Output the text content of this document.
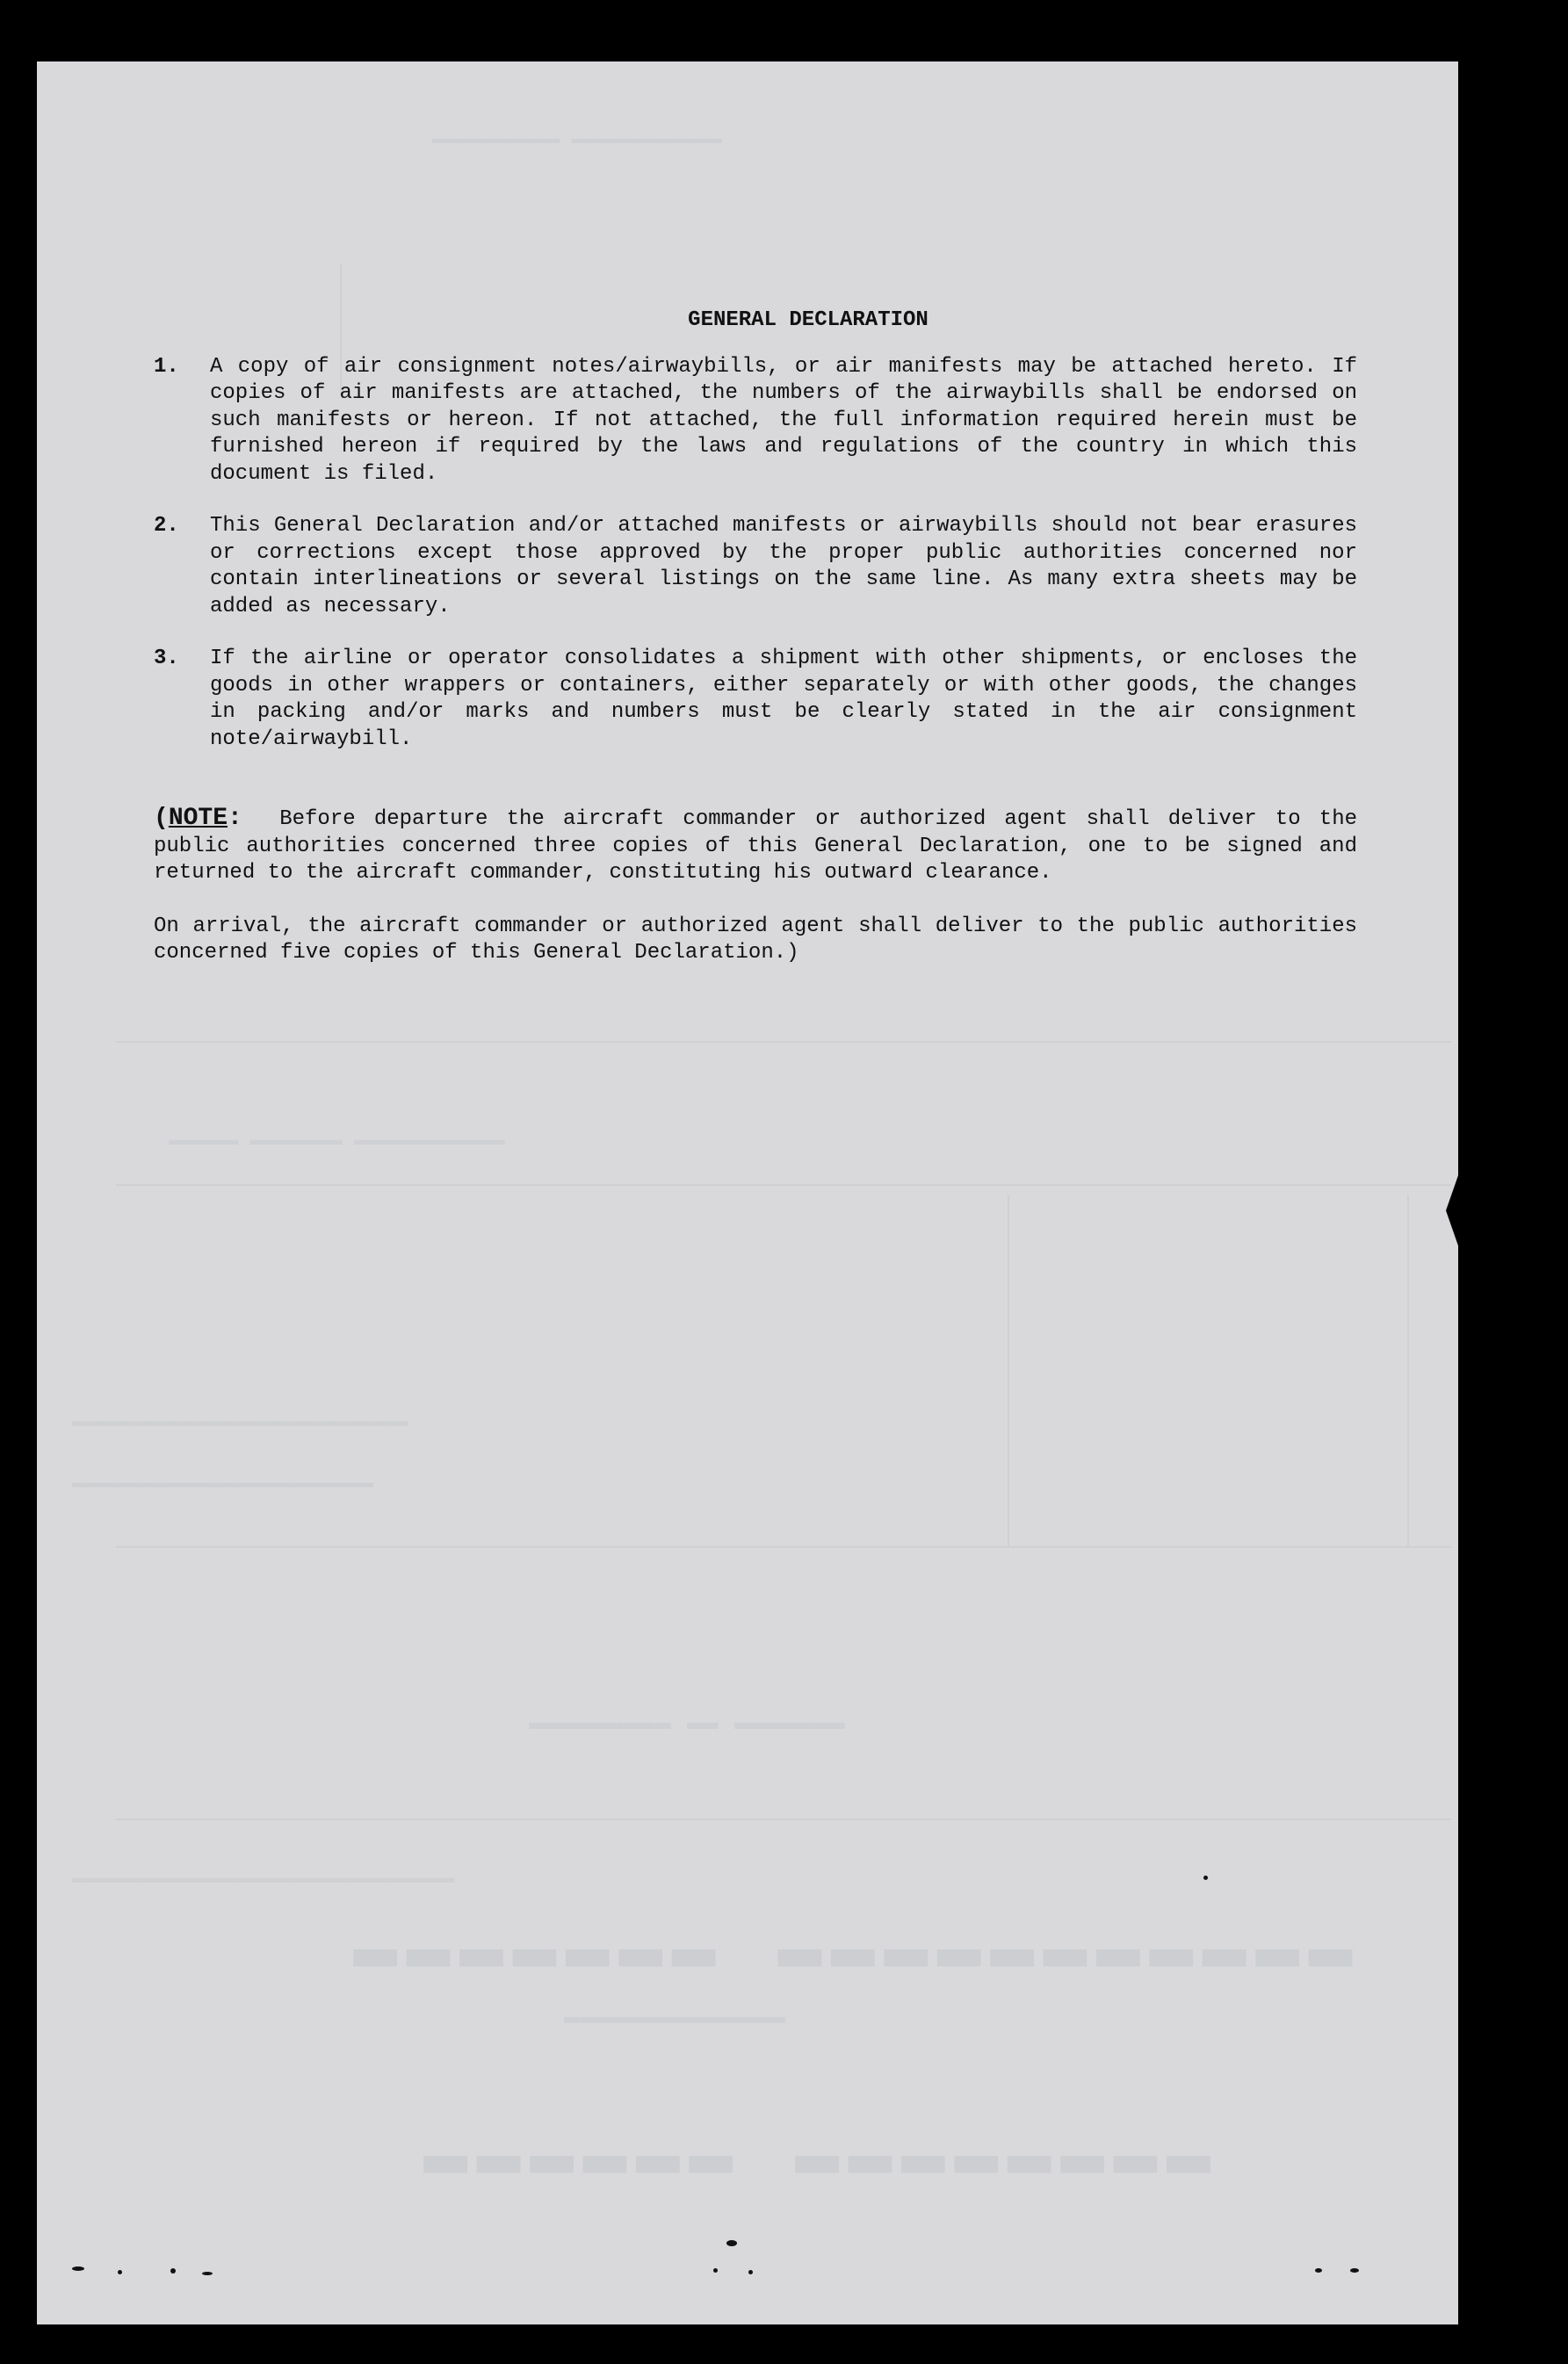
▬▬▬▬▬▬▬ ▬▬▬▬▬▬▬▬▬▬▬
▬▬▬▬▬▬ ▬▬▬▬▬▬▬▬
▬▬▬▬▬▬▬▬▬ ▬▬ ▬▬▬▬▬▬▬
▬▬▬▬▬▬▬▬▬▬▬▬▬▬
▬▬▬▬▬▬▬▬▬▬▬ ▬▬▬▬▬▬▬▬▬▬▬▬▬
▬▬▬▬▬▬ ▬▬▬▬▬▬▬▬ ▬▬▬▬▬▬▬▬▬▬▬▬▬
▬▬▬▬▬▬▬▬▬▬▬▬▬▬▬▬▬▬▬▬▬▬▬▬▬▬▬▬▬
▬▬▬▬▬▬▬▬▬▬▬▬▬▬▬▬▬▬▬▬▬▬▬▬▬▬
▬▬▬▬▬▬▬▬▬▬▬▬▬▬▬▬▬▬▬▬▬▬▬▬▬▬▬▬▬▬▬▬▬
GENERAL DECLARATION
1.	A copy of air consignment notes/airwaybills, or air manifests may be attached hereto. If copies of air manifests are attached, the numbers of the airwaybills shall be endorsed on such manifests or hereon. If not attached, the full information required herein must be furnished hereon if required by the laws and regulations of the country in which this document is filed.
2.	This General Declaration and/or attached manifests or airwaybills should not bear erasures or corrections except those approved by the proper public authorities concerned nor contain interlineations or several listings on the same line. As many extra sheets may be added as necessary.
3.	If the airline or operator consolidates a shipment with other shipments, or encloses the goods in other wrappers or containers, either separately or with other goods, the changes in packing and/or marks and numbers must be clearly stated in the air consignment note/airwaybill.
(NOTE: Before departure the aircraft commander or authorized agent shall deliver to the public authorities concerned three copies of this General Declaration, one to be signed and returned to the aircraft commander, constituting his outward clearance.
On arrival, the aircraft commander or authorized agent shall deliver to the public authorities concerned five copies of this General Declaration.)
